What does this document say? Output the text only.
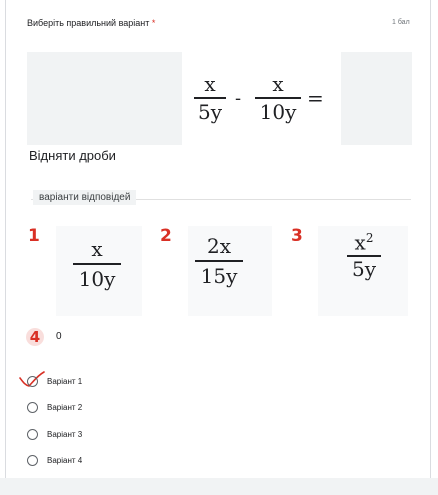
Виберіть правильний варіант *	1 бал
x
5y
-
x
10y
=
Відняти дроби
варіанти відповідей
1	2	3
x
10y
2x
15y
$x^2$
5y
4	0
Варіант 1
Варіант 2
Варіант 3
Варіант 4
